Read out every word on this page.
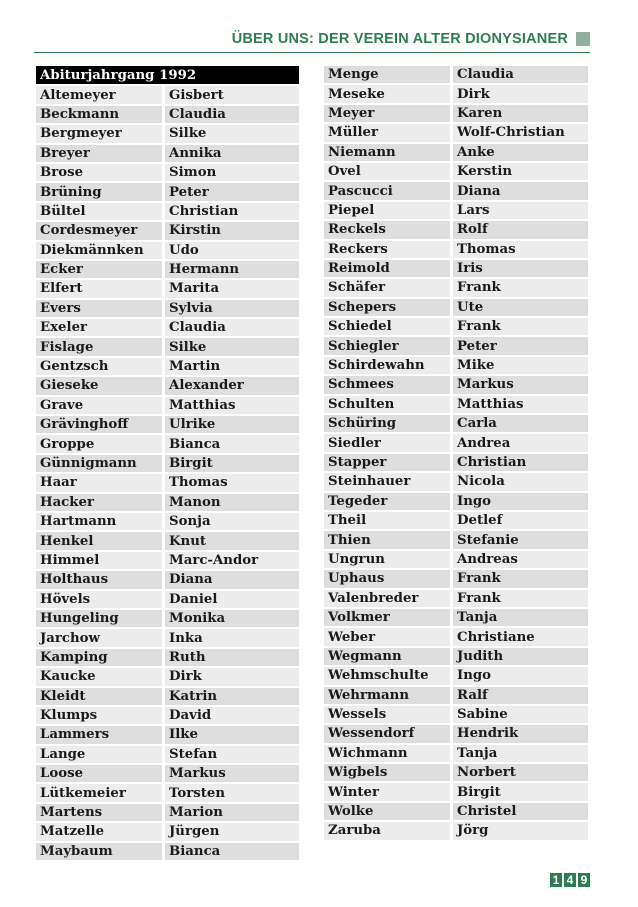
ÜBER UNS: DER VEREIN ALTER DIONYSIANER
Abiturjahrgang 1992	
Altemeyer	Gisbert
Beckmann	Claudia
Bergmeyer	Silke
Breyer	Annika
Brose	Simon
Brüning	Peter
Bültel	Christian
Cordesmeyer	Kirstin
Diekmännken	Udo
Ecker	Hermann
Elfert	Marita
Evers	Sylvia
Exeler	Claudia
Fislage	Silke
Gentzsch	Martin
Gieseke	Alexander
Grave	Matthias
Grävinghoff	Ulrike
Groppe	Bianca
Günnigmann	Birgit
Haar	Thomas
Hacker	Manon
Hartmann	Sonja
Henkel	Knut
Himmel	Marc-Andor
Holthaus	Diana
Hövels	Daniel
Hungeling	Monika
Jarchow	Inka
Kamping	Ruth
Kaucke	Dirk
Kleidt	Katrin
Klumps	David
Lammers	Ilke
Lange	Stefan
Loose	Markus
Lütkemeier	Torsten
Martens	Marion
Matzelle	Jürgen
Maybaum	Bianca
Menge	Claudia
Meseke	Dirk
Meyer	Karen
Müller	Wolf-Christian
Niemann	Anke
Ovel	Kerstin
Pascucci	Diana
Piepel	Lars
Reckels	Rolf
Reckers	Thomas
Reimold	Iris
Schäfer	Frank
Schepers	Ute
Schiedel	Frank
Schiegler	Peter
Schirdewahn	Mike
Schmees	Markus
Schulten	Matthias
Schüring	Carla
Siedler	Andrea
Stapper	Christian
Steinhauer	Nicola
Tegeder	Ingo
Theil	Detlef
Thien	Stefanie
Ungrun	Andreas
Uphaus	Frank
Valenbreder	Frank
Volkmer	Tanja
Weber	Christiane
Wegmann	Judith
Wehmschulte	Ingo
Wehrmann	Ralf
Wessels	Sabine
Wessendorf	Hendrik
Wichmann	Tanja
Wigbels	Norbert
Winter	Birgit
Wolke	Christel
Zaruba	Jörg
1 4 9
